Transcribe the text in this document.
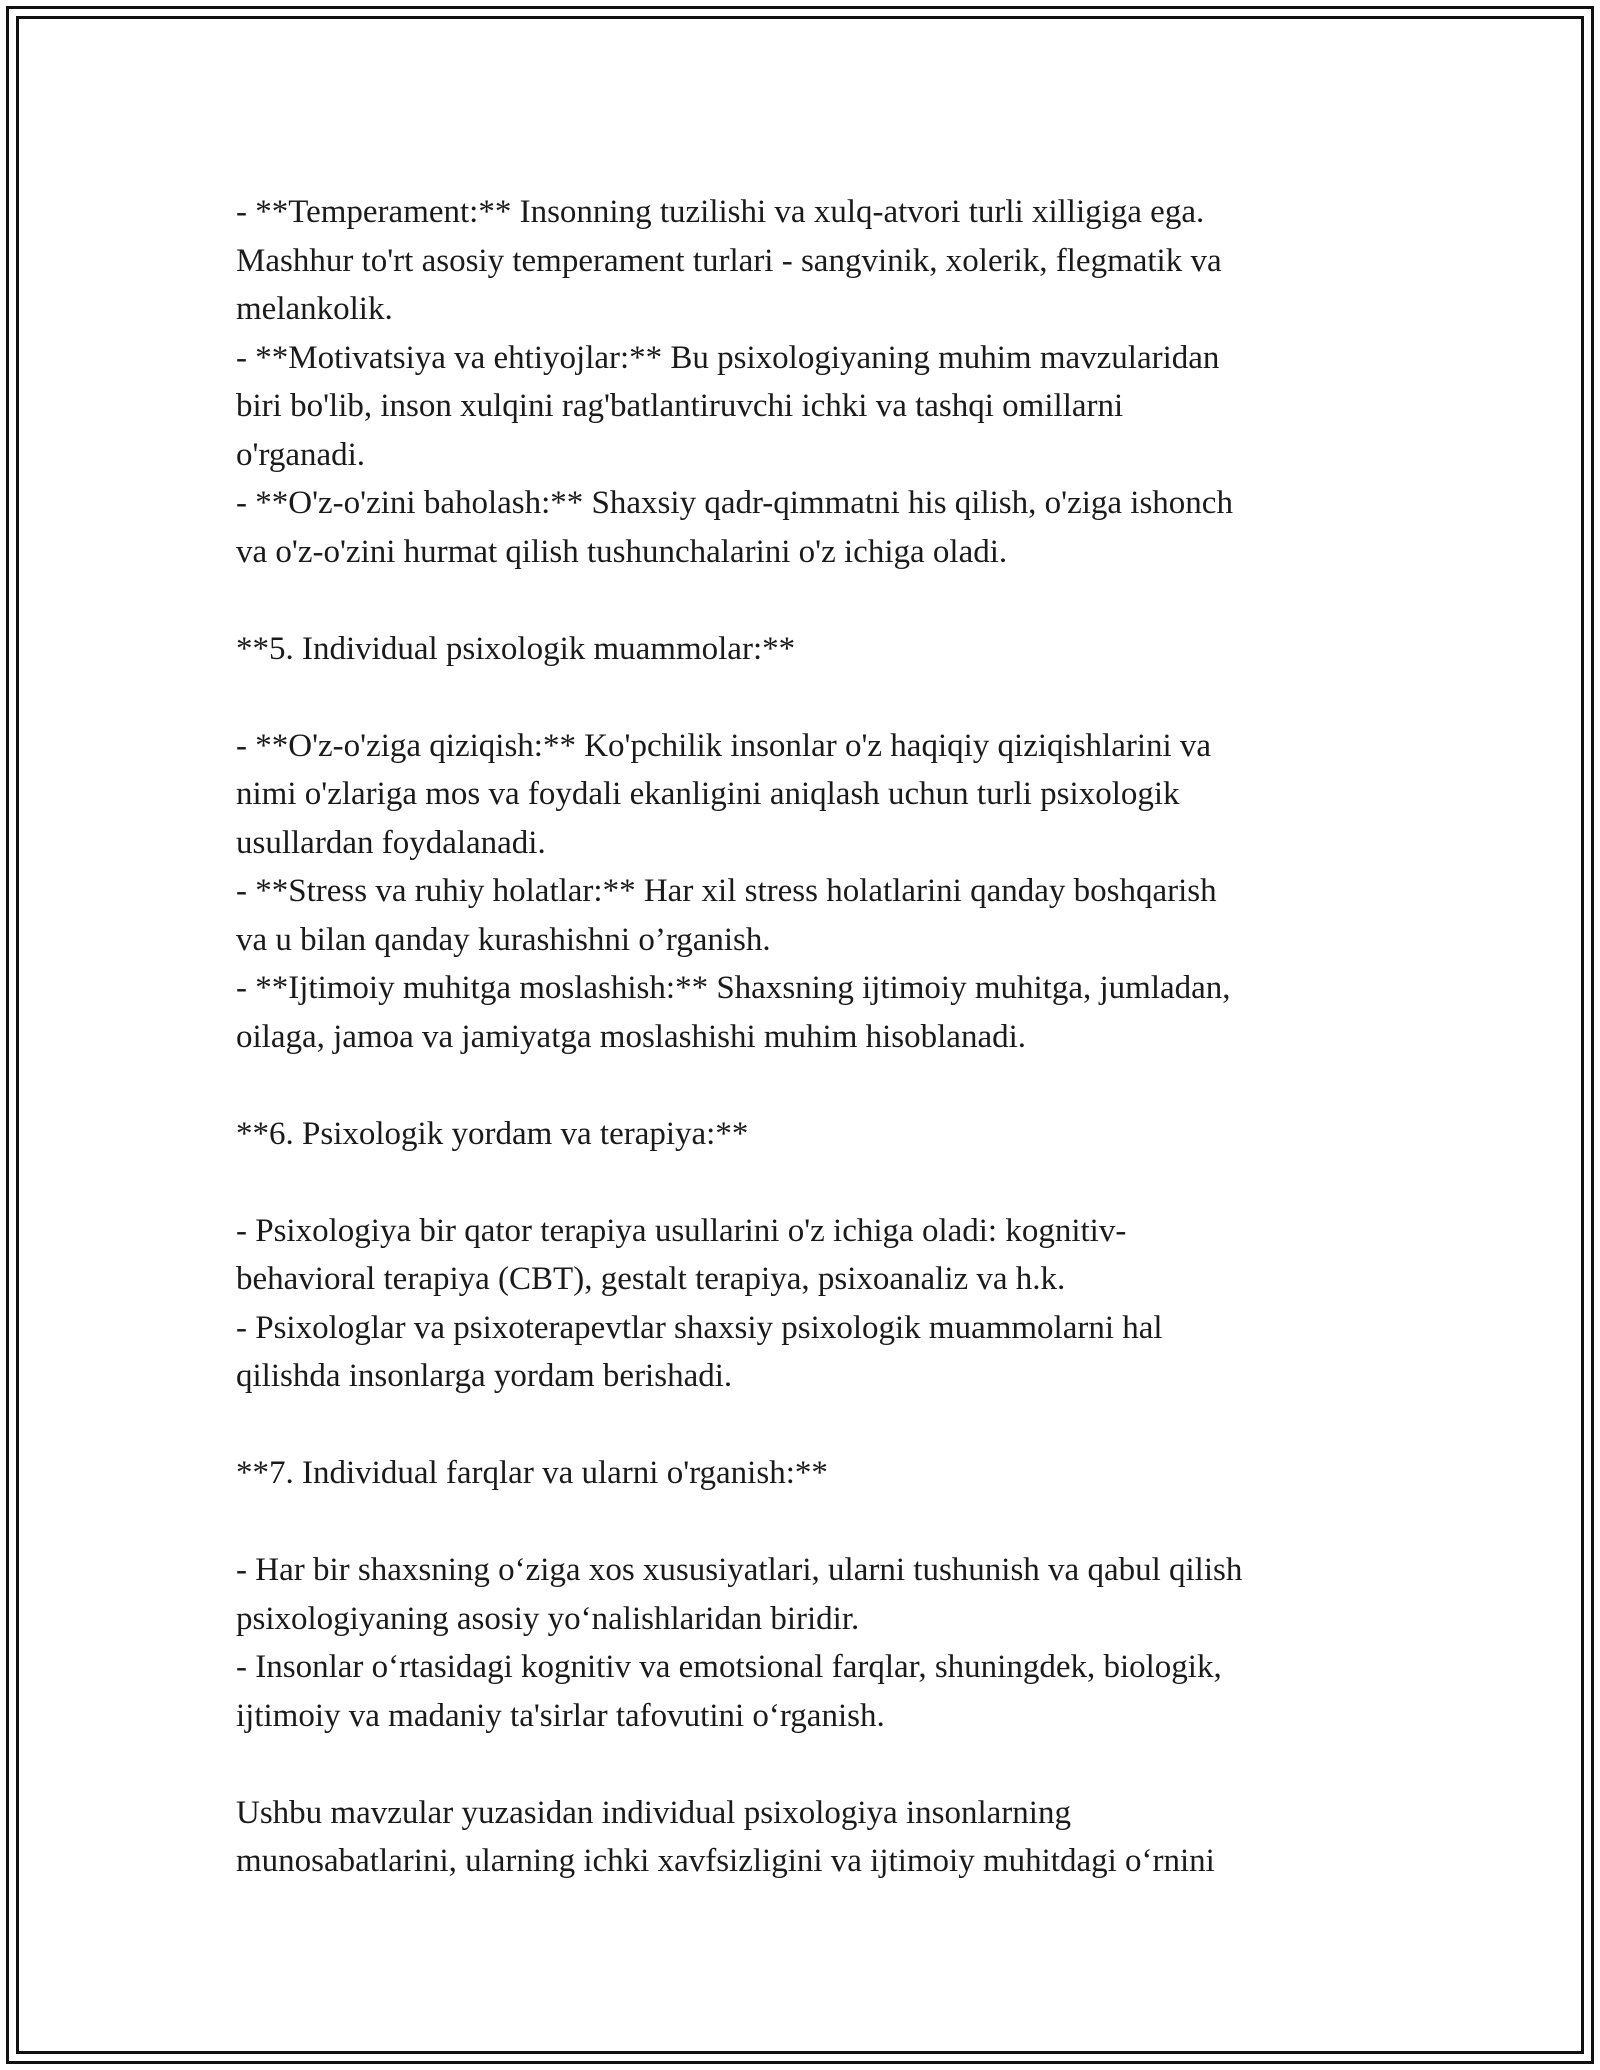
- **Temperament:** Insonning tuzilishi va xulq-atvori turli xilligiga ega.
Mashhur to'rt asosiy temperament turlari - sangvinik, xolerik, flegmatik va
melankolik.
- **Motivatsiya va ehtiyojlar:** Bu psixologiyaning muhim mavzularidan
biri bo'lib, inson xulqini rag'batlantiruvchi ichki va tashqi omillarni
o'rganadi.
- **O'z-o'zini baholash:** Shaxsiy qadr-qimmatni his qilish, o'ziga ishonch
va o'z-o'zini hurmat qilish tushunchalarini o'z ichiga oladi.
**5. Individual psixologik muammolar:**
- **O'z-o'ziga qiziqish:** Ko'pchilik insonlar o'z haqiqiy qiziqishlarini va
nimi o'zlariga mos va foydali ekanligini aniqlash uchun turli psixologik
usullardan foydalanadi.
- **Stress va ruhiy holatlar:** Har xil stress holatlarini qanday boshqarish
va u bilan qanday kurashishni o’rganish.
- **Ijtimoiy muhitga moslashish:** Shaxsning ijtimoiy muhitga, jumladan,
oilaga, jamoa va jamiyatga moslashishi muhim hisoblanadi.
**6. Psixologik yordam va terapiya:**
- Psixologiya bir qator terapiya usullarini o'z ichiga oladi: kognitiv-
behavioral terapiya (CBT), gestalt terapiya, psixoanaliz va h.k.
- Psixologlar va psixoterapevtlar shaxsiy psixologik muammolarni hal
qilishda insonlarga yordam berishadi.
**7. Individual farqlar va ularni o'rganish:**
- Har bir shaxsning o‘ziga xos xususiyatlari, ularni tushunish va qabul qilish
psixologiyaning asosiy yo‘nalishlaridan biridir.
- Insonlar o‘rtasidagi kognitiv va emotsional farqlar, shuningdek, biologik,
ijtimoiy va madaniy ta'sirlar tafovutini o‘rganish.
Ushbu mavzular yuzasidan individual psixologiya insonlarning
munosabatlarini, ularning ichki xavfsizligini va ijtimoiy muhitdagi o‘rnini
